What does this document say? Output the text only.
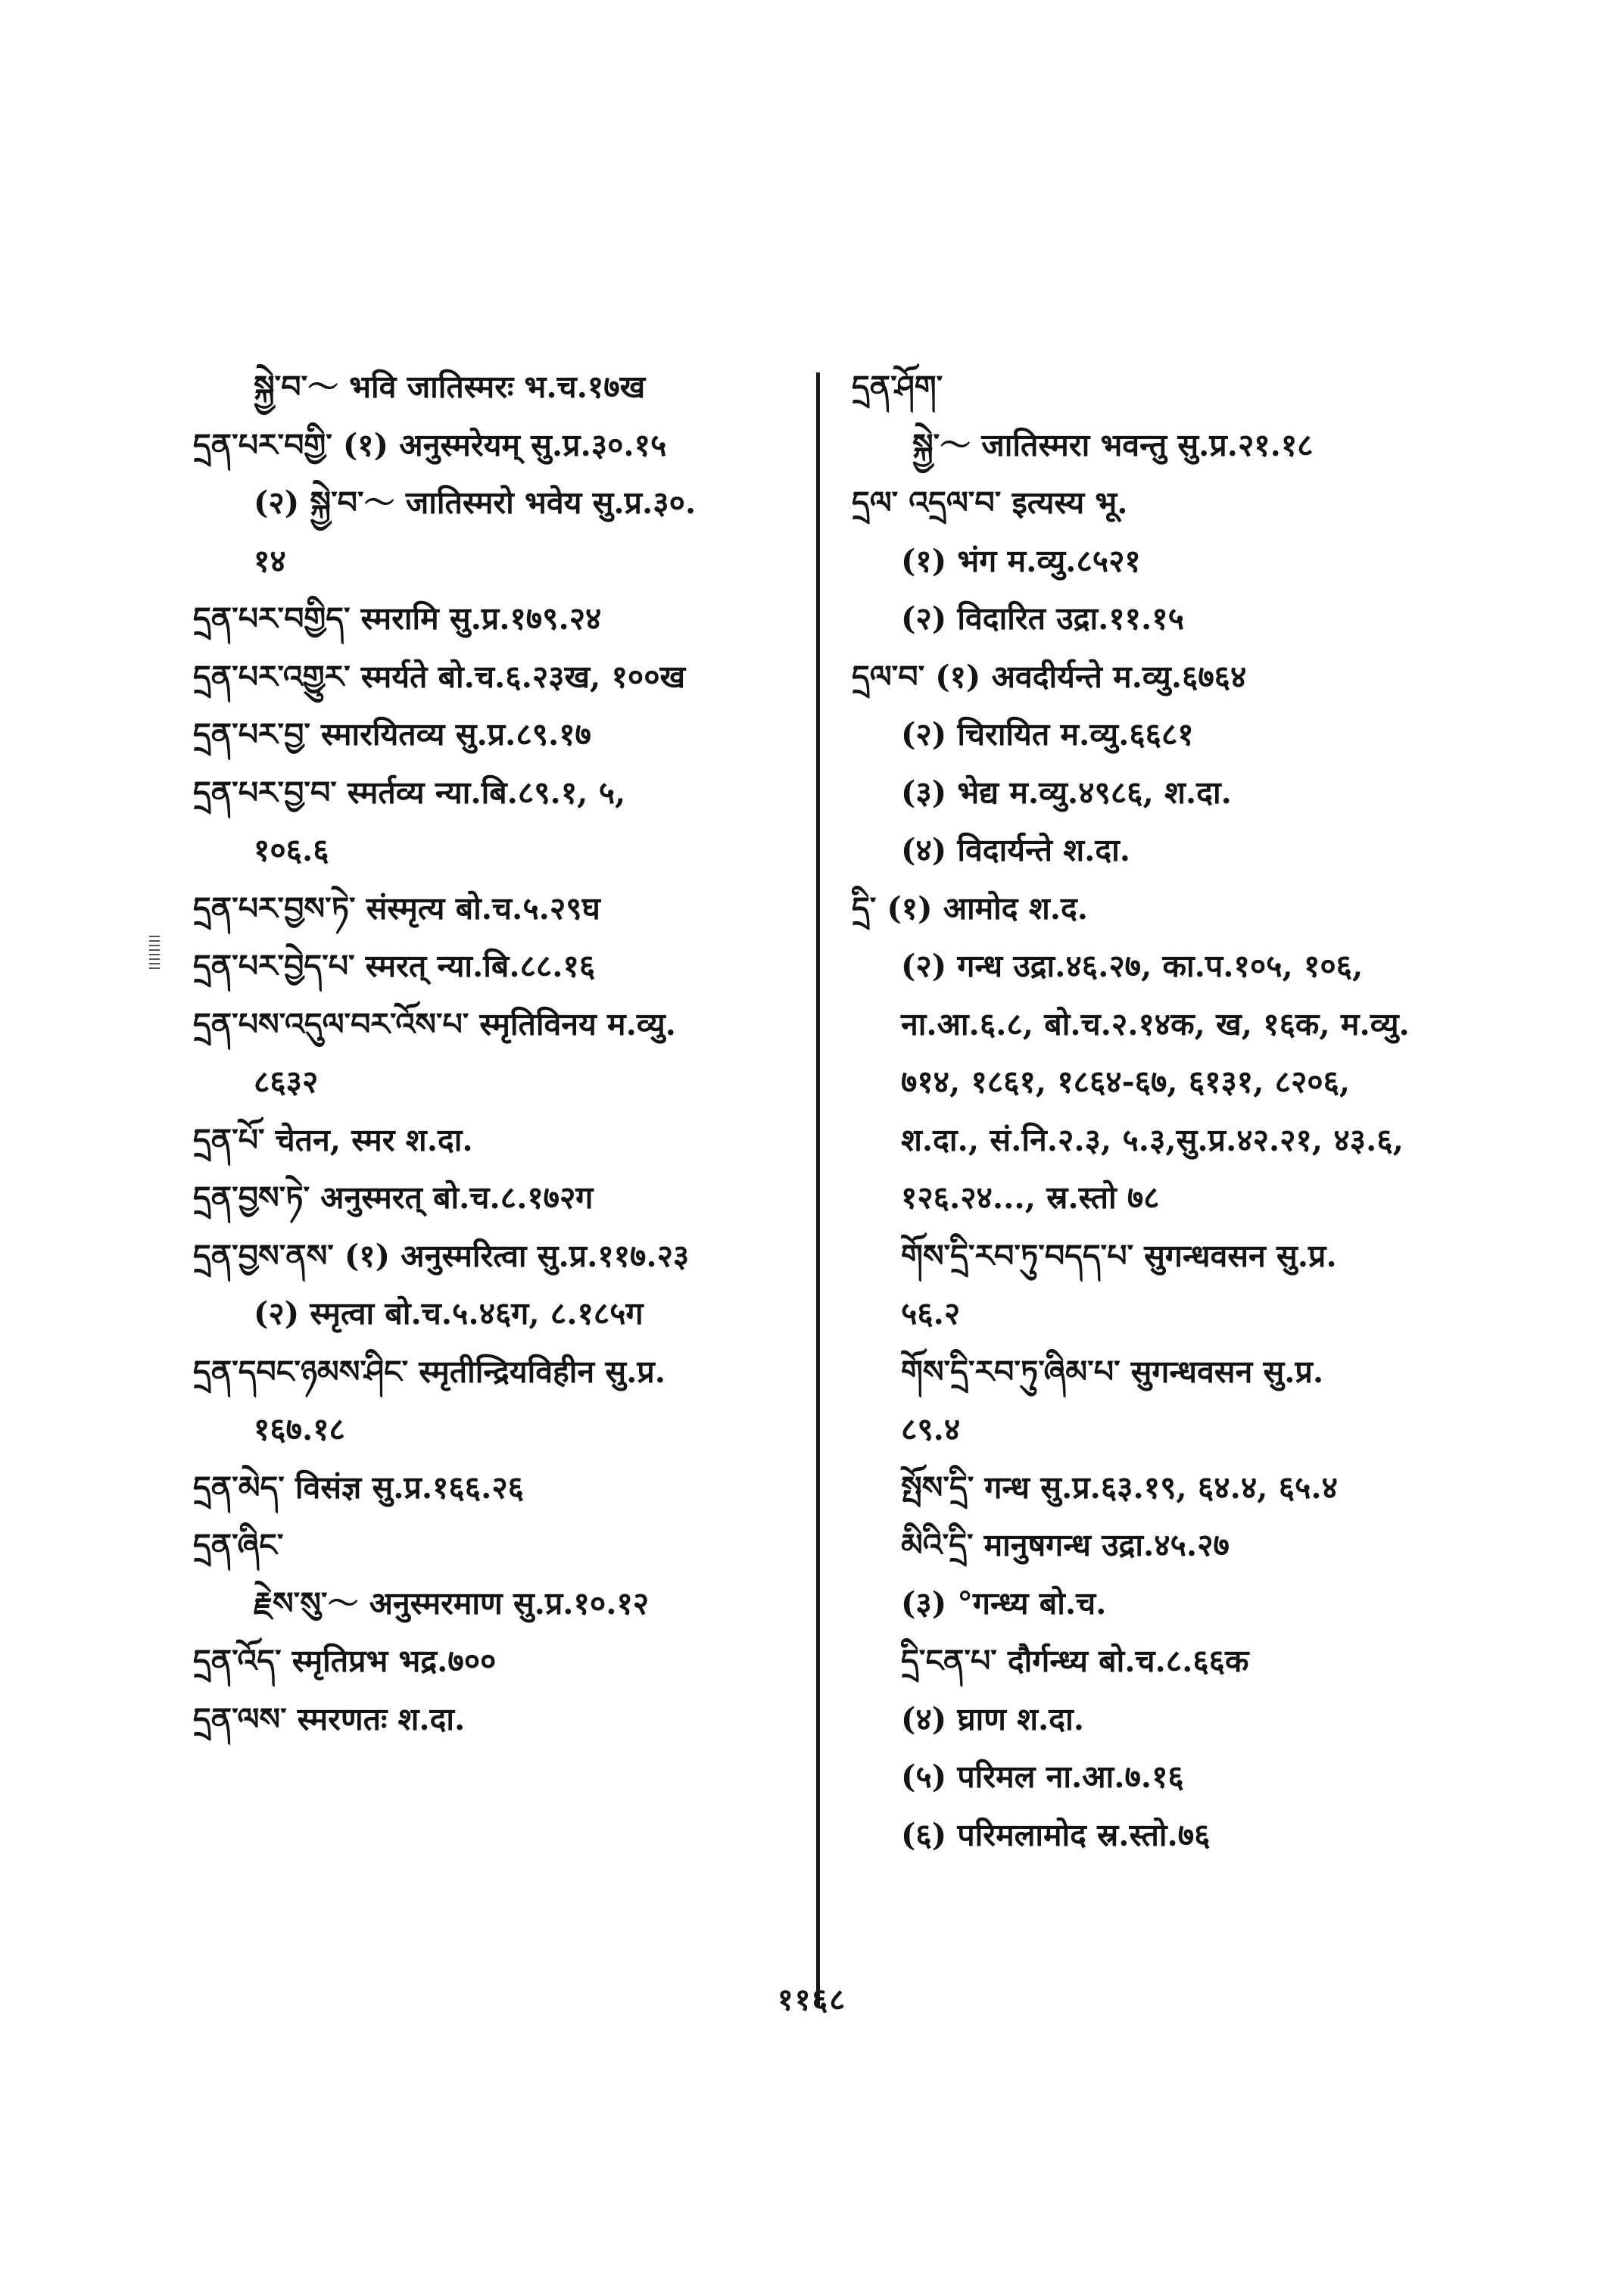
སྐྱེ་བ་～ भवि जातिस्मरः भ.च.१७ख
དྲན་པར་བགྱི་ (१) अनुस्मरेयम् सु.प्र.३०.१५
(२) སྐྱེ་བ་～ जातिस्मरो भवेय सु.प्र.३०.
१४
དྲན་པར་བགྱིད་ स्मरामि सु.प्र.१७९.२४
དྲན་པར་འགྱུར་ स्मर्यते बो.च.६.२३ख, १००ख
དྲན་པར་བྱ་ स्मारयितव्य सु.प्र.८९.१७
དྲན་པར་བྱ་བ་ स्मर्तव्य न्या.बि.८९.१, ५,
१०६.६
དྲན་པར་བྱས་ཏེ་ संस्मृत्य बो.च.५.२९घ
དྲན་པར་བྱེད་པ་ स्मरत् न्या.बि.८८.१६
དྲན་པས་འདུལ་བར་འོས་པ་ स्मृतिविनय म.व्यु.
८६३२
དྲན་པོ་ चेतन, स्मर श.दा.
དྲན་བྱས་ཏེ་ अनुस्मरत् बो.च.८.१७२ग
དྲན་བྱས་ནས་ (१) अनुस्मरित्वा सु.प्र.११७.२३
(२) स्मृत्वा बो.च.५.४६ग, ८.१८५ग
དྲན་དབང་ཉམས་ཤིང་ स्मृतीन्द्रियविहीन सु.प्र.
१६७.१८
དྲན་མེད་ विसंज्ञ सु.प्र.१६६.२६
དྲན་ཞིང་
རྗེས་སུ་～ अनुस्मरमाण सु.प्र.१०.१२
དྲན་འོད་ स्मृतिप्रभ भद्र.७००
དྲན་ལས་ स्मरणतः श.दा.
དྲན་ཤོག་
སྐྱེ་～ जातिस्मरा भवन्तु सु.प्र.२१.१८
དྲལ་ འདྲལ་བ་ इत्यस्य भू.
(१) भंग म.व्यु.८५२१
(२) विदारित उद्रा.११.१५
དྲལ་བ་ (१) अवदीर्यन्ते म.व्यु.६७६४
(२) चिरायित म.व्यु.६६८१
(३) भेद्य म.व्यु.४९८६, श.दा.
(४) विदार्यन्ते श.दा.
དྲི་ (१) आमोद श.द.
(२) गन्ध उद्रा.४६.२७, का.प.१०५, १०६,
ना.आ.६.८, बो.च.२.१४क, ख, १६क, म.व्यु.
७१४, १८६१, १८६४-६७, ६१३१, ८२०६,
श.दा., सं.नि.२.३, ५.३,सु.प्र.४२.२१, ४३.६,
१२६.२४..., स्र.स्तो ७८
གོས་དྲི་རབ་ཏུ་བདད་པ་ सुगन्धवसन सु.प्र.
५६.२
གོས་དྲི་རབ་ཏུ་ཞིམ་པ་ सुगन्धवसन सु.प्र.
८९.४
སྤོས་དྲི་ गन्ध सु.प्र.६३.१९, ६४.४, ६५.४
མིའི་དྲི་ मानुषगन्ध उद्रा.४५.२७
(३) °गन्ध्य बो.च.
དྲི་ངན་པ་ दौर्गन्ध्य बो.च.८.६६क
(४) घ्राण श.दा.
(५) परिमल ना.आ.७.१६
(६) परिमलामोद स्र.स्तो.७६
११६८
